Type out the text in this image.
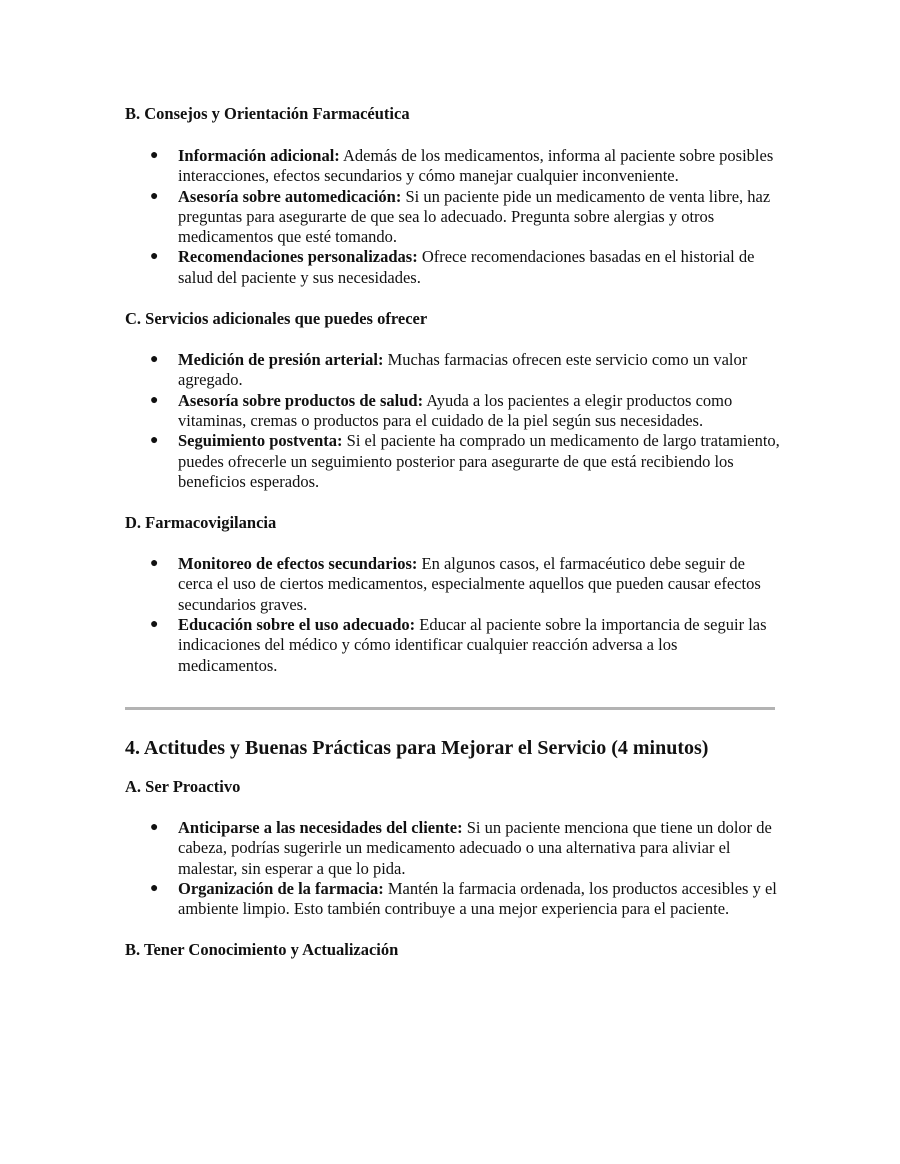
B. Consejos y Orientación Farmacéutica

● Información adicional: Además de los medicamentos, informa al paciente sobre posibles interacciones, efectos secundarios y cómo manejar cualquier inconveniente.
● Asesoría sobre automedicación: Si un paciente pide un medicamento de venta libre, haz preguntas para asegurarte de que sea lo adecuado. Pregunta sobre alergias y otros medicamentos que esté tomando.
● Recomendaciones personalizadas: Ofrece recomendaciones basadas en el historial de salud del paciente y sus necesidades.

C. Servicios adicionales que puedes ofrecer

● Medición de presión arterial: Muchas farmacias ofrecen este servicio como un valor agregado.
● Asesoría sobre productos de salud: Ayuda a los pacientes a elegir productos como vitaminas, cremas o productos para el cuidado de la piel según sus necesidades.
● Seguimiento postventa: Si el paciente ha comprado un medicamento de largo tratamiento, puedes ofrecerle un seguimiento posterior para asegurarte de que está recibiendo los beneficios esperados.

D. Farmacovigilancia

● Monitoreo de efectos secundarios: En algunos casos, el farmacéutico debe seguir de cerca el uso de ciertos medicamentos, especialmente aquellos que pueden causar efectos secundarios graves.
● Educación sobre el uso adecuado: Educar al paciente sobre la importancia de seguir las indicaciones del médico y cómo identificar cualquier reacción adversa a los medicamentos.

4. Actitudes y Buenas Prácticas para Mejorar el Servicio (4 minutos)

A. Ser Proactivo

● Anticiparse a las necesidades del cliente: Si un paciente menciona que tiene un dolor de cabeza, podrías sugerirle un medicamento adecuado o una alternativa para aliviar el malestar, sin esperar a que lo pida.
● Organización de la farmacia: Mantén la farmacia ordenada, los productos accesibles y el ambiente limpio. Esto también contribuye a una mejor experiencia para el paciente.

B. Tener Conocimiento y Actualización
